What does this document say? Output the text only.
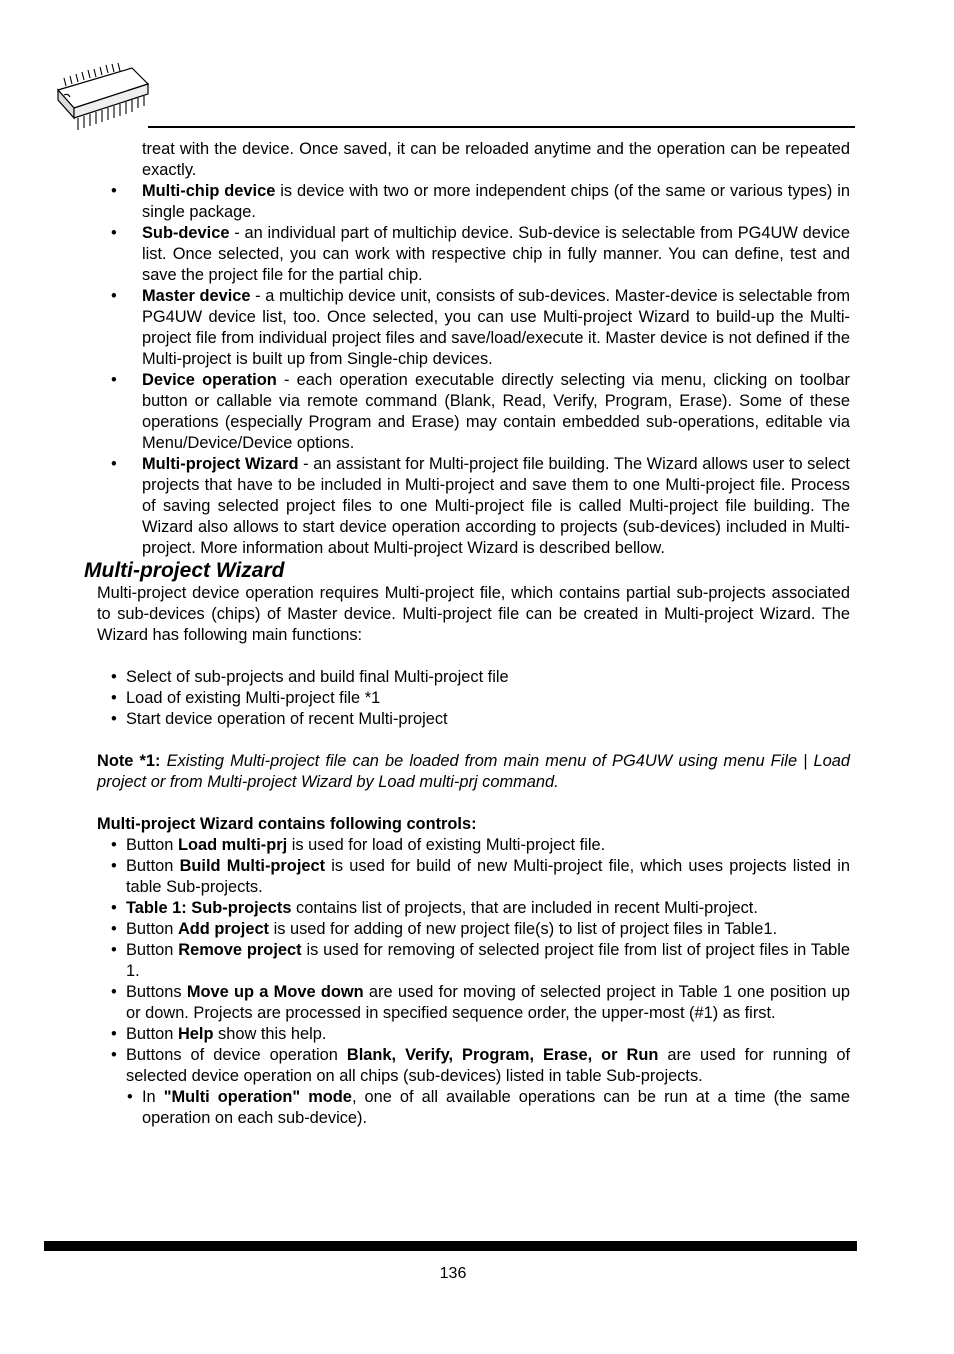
treat with the device. Once saved, it can be reloaded anytime and the operation can be repeated exactly.

• Multi-chip device is device with two or more independent chips (of the same or various types) in single package.
• Sub-device - an individual part of multichip device. Sub-device is selectable from PG4UW device list. Once selected, you can work with respective chip in fully manner. You can define, test and save the project file for the partial chip.
• Master device - a multichip device unit, consists of sub-devices. Master-device is selectable from PG4UW device list, too. Once selected, you can use Multi-project Wizard to build-up the Multi-project file from individual project files and save/load/execute it. Master device is not defined if the Multi-project is built up from Single-chip devices.
• Device operation - each operation executable directly selecting via menu, clicking on toolbar button or callable via remote command (Blank, Read, Verify, Program, Erase). Some of these operations (especially Program and Erase) may contain embedded sub-operations, editable via Menu/Device/Device options.
• Multi-project Wizard - an assistant for Multi-project file building. The Wizard allows user to select projects that have to be included in Multi-project and save them to one Multi-project file. Process of saving selected project files to one Multi-project file is called Multi-project file building. The Wizard also allows to start device operation according to projects (sub-devices) included in Multi-project. More information about Multi-project Wizard is described bellow.
Multi-project Wizard

Multi-project device operation requires Multi-project file, which contains partial sub-projects associated to sub-devices (chips) of Master device. Multi-project file can be created in Multi-project Wizard. The Wizard has following main functions:

• Select of sub-projects and build final Multi-project file
• Load of existing Multi-project file *1
• Start device operation of recent Multi-project

Note *1: Existing Multi-project file can be loaded from main menu of PG4UW using menu File | Load project or from Multi-project Wizard by Load multi-prj command.

Multi-project Wizard contains following controls:

• Button Load multi-prj is used for load of existing Multi-project file.
• Button Build Multi-project is used for build of new Multi-project file, which uses projects listed in table Sub-projects.
• Table 1: Sub-projects contains list of projects, that are included in recent Multi-project.
• Button Add project is used for adding of new project file(s) to list of project files in Table1.
• Button Remove project is used for removing of selected project file from list of project files in Table 1.
• Buttons Move up a Move down are used for moving of selected project in Table 1 one position up or down. Projects are processed in specified sequence order, the upper-most (#1) as first.
• Button Help show this help.
• Buttons of device operation Blank, Verify, Program, Erase, or Run are used for running of selected device operation on all chips (sub-devices) listed in table Sub-projects.
• In "Multi operation" mode, one of all available operations can be run at a time (the same operation on each sub-device).
136
